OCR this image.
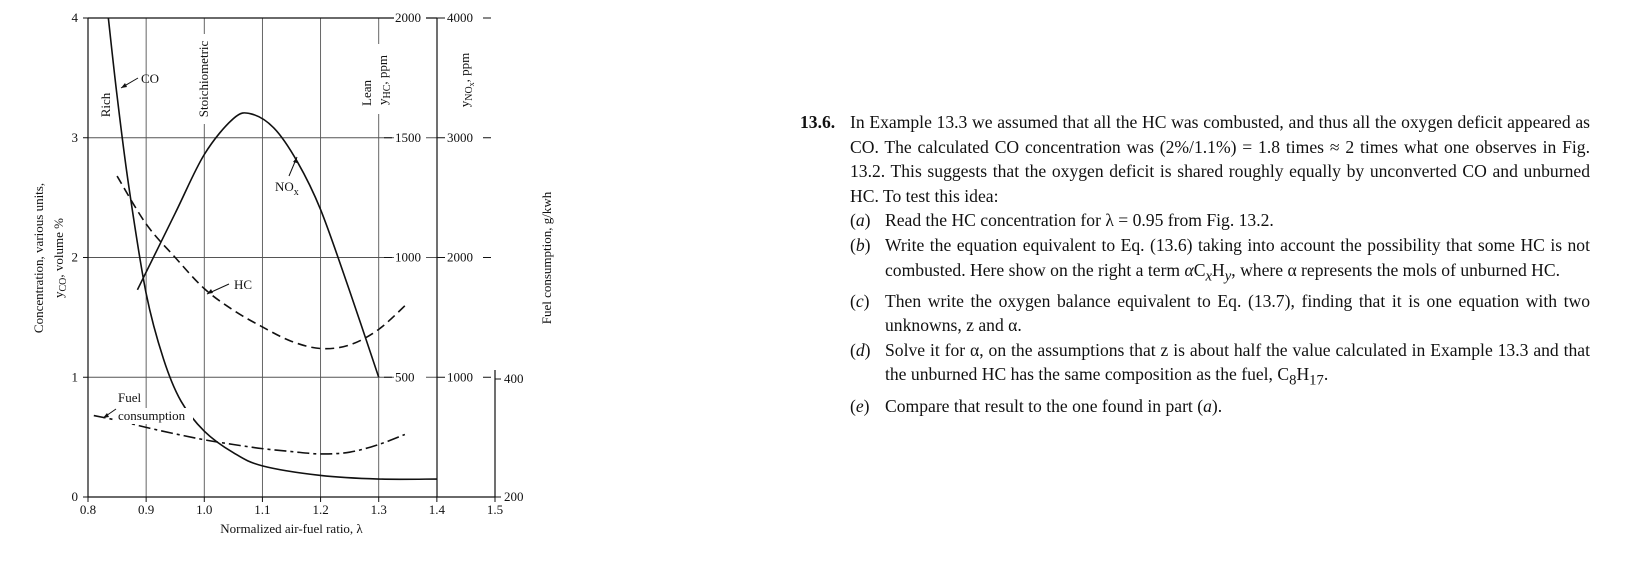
0.8	0.9	1.0	1.1	1.2	1.3	1.4	1.5
0
1
2
3
4
500
1000
1500
2000
1000
2000
3000
4000
200
400
Rich	Stoichiometric	Lean
CO
HC
$NO_x$
Fuel
consumption
Normalized air-fuel ratio, λ
Concentration, various units, $y_{CO}$, volume %
$y_{HC}$, ppm
$y_{NO}x$, ppm
Fuel consumption, g/kwh
13.6. In Example 13.3 we assumed that all the HC was combusted, and thus all the oxygen deficit appeared as CO. The calculated CO concentration was (2%/1.1%) = 1.8 times ≈ 2 times what one observes in Fig. 13.2. This suggests that the oxygen deficit is shared roughly equally by unconverted CO and unburned HC. To test this idea:
(a) Read the HC concentration for λ = 0.95 from Fig. 13.2.
(b) Write the equation equivalent to Eq. (13.6) taking into account the possibility that some HC is not combusted. Here show on the right a term $\alpha C_xH_y$, where α represents the mols of unburned HC.
(c) Then write the oxygen balance equivalent to Eq. (13.7), finding that it is one equation with two unknowns, z and α.
(d) Solve it for α, on the assumptions that z is about half the value calculated in Example 13.3 and that the unburned HC has the same composition as the fuel, $C_8H_{17}$.
(e) Compare that result to the one found in part (a).
